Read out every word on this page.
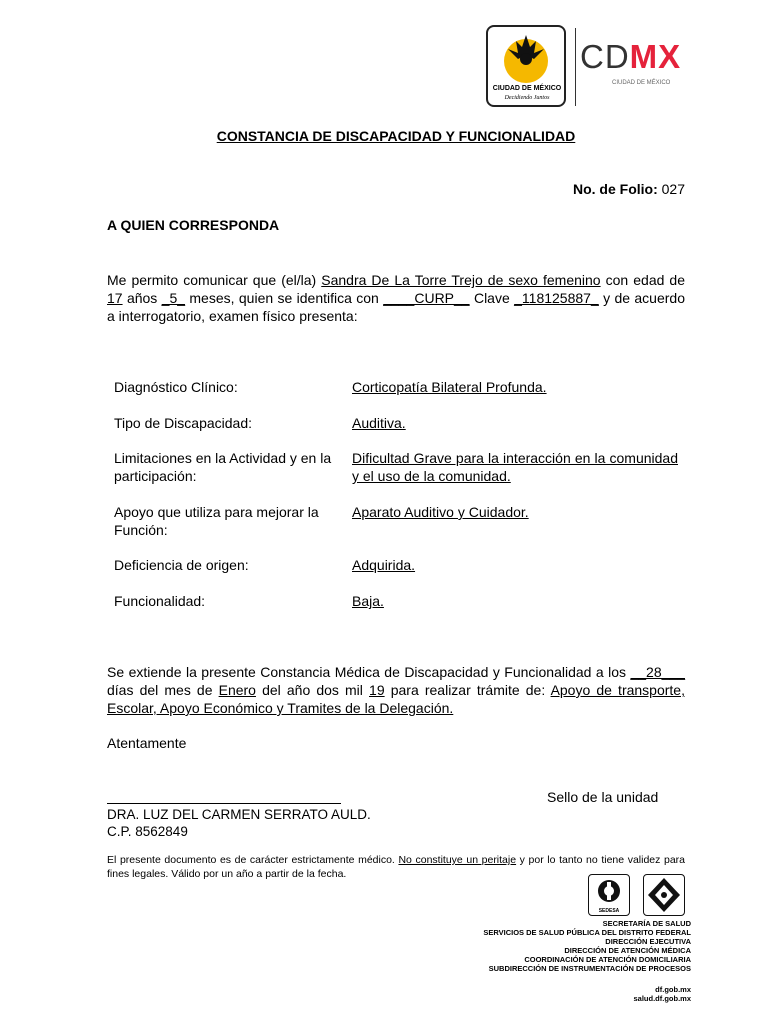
CIUDAD DE MÉXICO
Decidiendo Juntos
CDMX
CIUDAD DE MÉXICO
CONSTANCIA DE DISCAPACIDAD Y FUNCIONALIDAD
No. de Folio: 027
A QUIEN CORRESPONDA
Me permito comunicar que (el/la) Sandra De La Torre Trejo de sexo femenino con edad de 17 años _5_ meses, quien se identifica con ____CURP__ Clave _118125887_ y de acuerdo a interrogatorio, examen físico presenta:
Diagnóstico Clínico:	Corticopatía Bilateral Profunda.
Tipo de Discapacidad:	Auditiva.
Limitaciones en la Actividad y en la participación:
Dificultad Grave para la interacción en la comunidad y el uso de la comunidad.
Apoyo que utiliza para mejorar la Función:
Aparato Auditivo y Cuidador.
Deficiencia de origen:	Adquirida.
Funcionalidad:	Baja.
Se extiende la presente Constancia Médica de Discapacidad y Funcionalidad a los __28___ días del mes de Enero del año dos mil 19 para realizar trámite de: Apoyo de transporte, Escolar, Apoyo Económico y Tramites de la Delegación.
Atentamente
Sello de la unidad
DRA. LUZ DEL CARMEN SERRATO AULD.
C.P. 8562849
El presente documento es de carácter estrictamente médico. No constituye un peritaje y por lo tanto no tiene validez para fines legales. Válido por un año a partir de la fecha.
SEDESA
SECRETARÍA DE SALUD
SERVICIOS DE SALUD PÚBLICA DEL DISTRITO FEDERAL
DIRECCIÓN EJECUTIVA
DIRECCIÓN DE ATENCIÓN MÉDICA
COORDINACIÓN DE ATENCIÓN DOMICILIARIA
SUBDIRECCIÓN DE INSTRUMENTACIÓN DE PROCESOS
df.gob.mx
salud.df.gob.mx
